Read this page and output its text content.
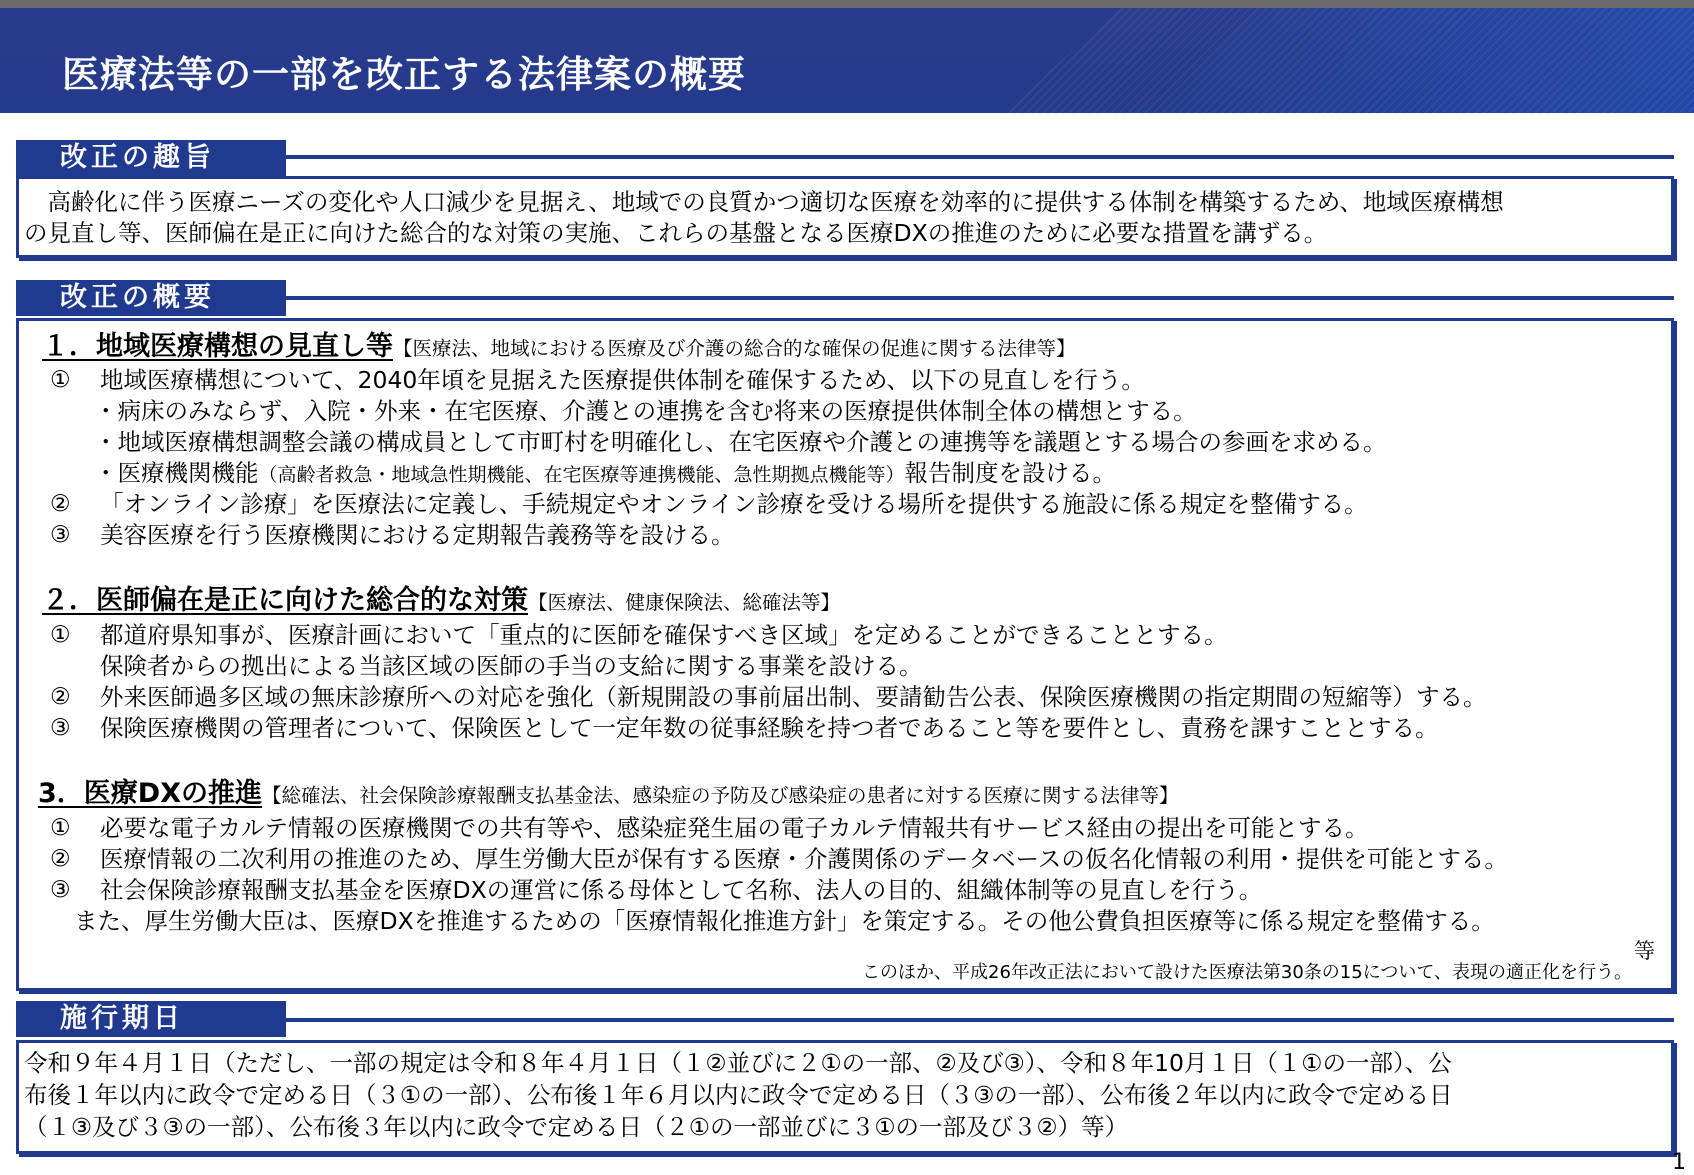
医療法等の一部を改正する法律案の概要
改正の趣旨
　高齢化に伴う医療ニーズの変化や人口減少を見据え、地域での良質かつ適切な医療を効率的に提供する体制を構築するため、地域医療構想
の見直し等、医師偏在是正に向けた総合的な対策の実施、これらの基盤となる医療DXの推進のために必要な措置を講ずる。
改正の概要
１．地域医療構想の見直し等【医療法、地域における医療及び介護の総合的な確保の促進に関する法律等】
① 地域医療構想について、2040年頃を見据えた医療提供体制を確保するため、以下の見直しを行う。
・病床のみならず、入院・外来・在宅医療、介護との連携を含む将来の医療提供体制全体の構想とする。
・地域医療構想調整会議の構成員として市町村を明確化し、在宅医療や介護との連携等を議題とする場合の参画を求める。
・医療機関機能（高齢者救急・地域急性期機能、在宅医療等連携機能、急性期拠点機能等）報告制度を設ける。
② 「オンライン診療」を医療法に定義し、手続規定やオンライン診療を受ける場所を提供する施設に係る規定を整備する。
③ 美容医療を行う医療機関における定期報告義務等を設ける。
２．医師偏在是正に向けた総合的な対策【医療法、健康保険法、総確法等】
① 都道府県知事が、医療計画において「重点的に医師を確保すべき区域」を定めることができることとする。
保険者からの拠出による当該区域の医師の手当の支給に関する事業を設ける。
② 外来医師過多区域の無床診療所への対応を強化（新規開設の事前届出制、要請勧告公表、保険医療機関の指定期間の短縮等）する。
③ 保険医療機関の管理者について、保険医として一定年数の従事経験を持つ者であること等を要件とし、責務を課すこととする。
3．医療DXの推進【総確法、社会保険診療報酬支払基金法、感染症の予防及び感染症の患者に対する医療に関する法律等】
① 必要な電子カルテ情報の医療機関での共有等や、感染症発生届の電子カルテ情報共有サービス経由の提出を可能とする。
② 医療情報の二次利用の推進のため、厚生労働大臣が保有する医療・介護関係のデータベースの仮名化情報の利用・提供を可能とする。
③ 社会保険診療報酬支払基金を医療DXの運営に係る母体として名称、法人の目的、組織体制等の見直しを行う。
また、厚生労働大臣は、医療DXを推進するための「医療情報化推進方針」を策定する。その他公費負担医療等に係る規定を整備する。
等
このほか、平成26年改正法において設けた医療法第30条の15について、表現の適正化を行う。
施行期日
令和９年４月１日（ただし、一部の規定は令和８年４月１日（１②並びに２①の一部、②及び③）、令和８年10月１日（１①の一部）、公
布後１年以内に政令で定める日（３①の一部）、公布後１年６月以内に政令で定める日（３③の一部）、公布後２年以内に政令で定める日
（１③及び３③の一部）、公布後３年以内に政令で定める日（２①の一部並びに３①の一部及び３②）等）
1
